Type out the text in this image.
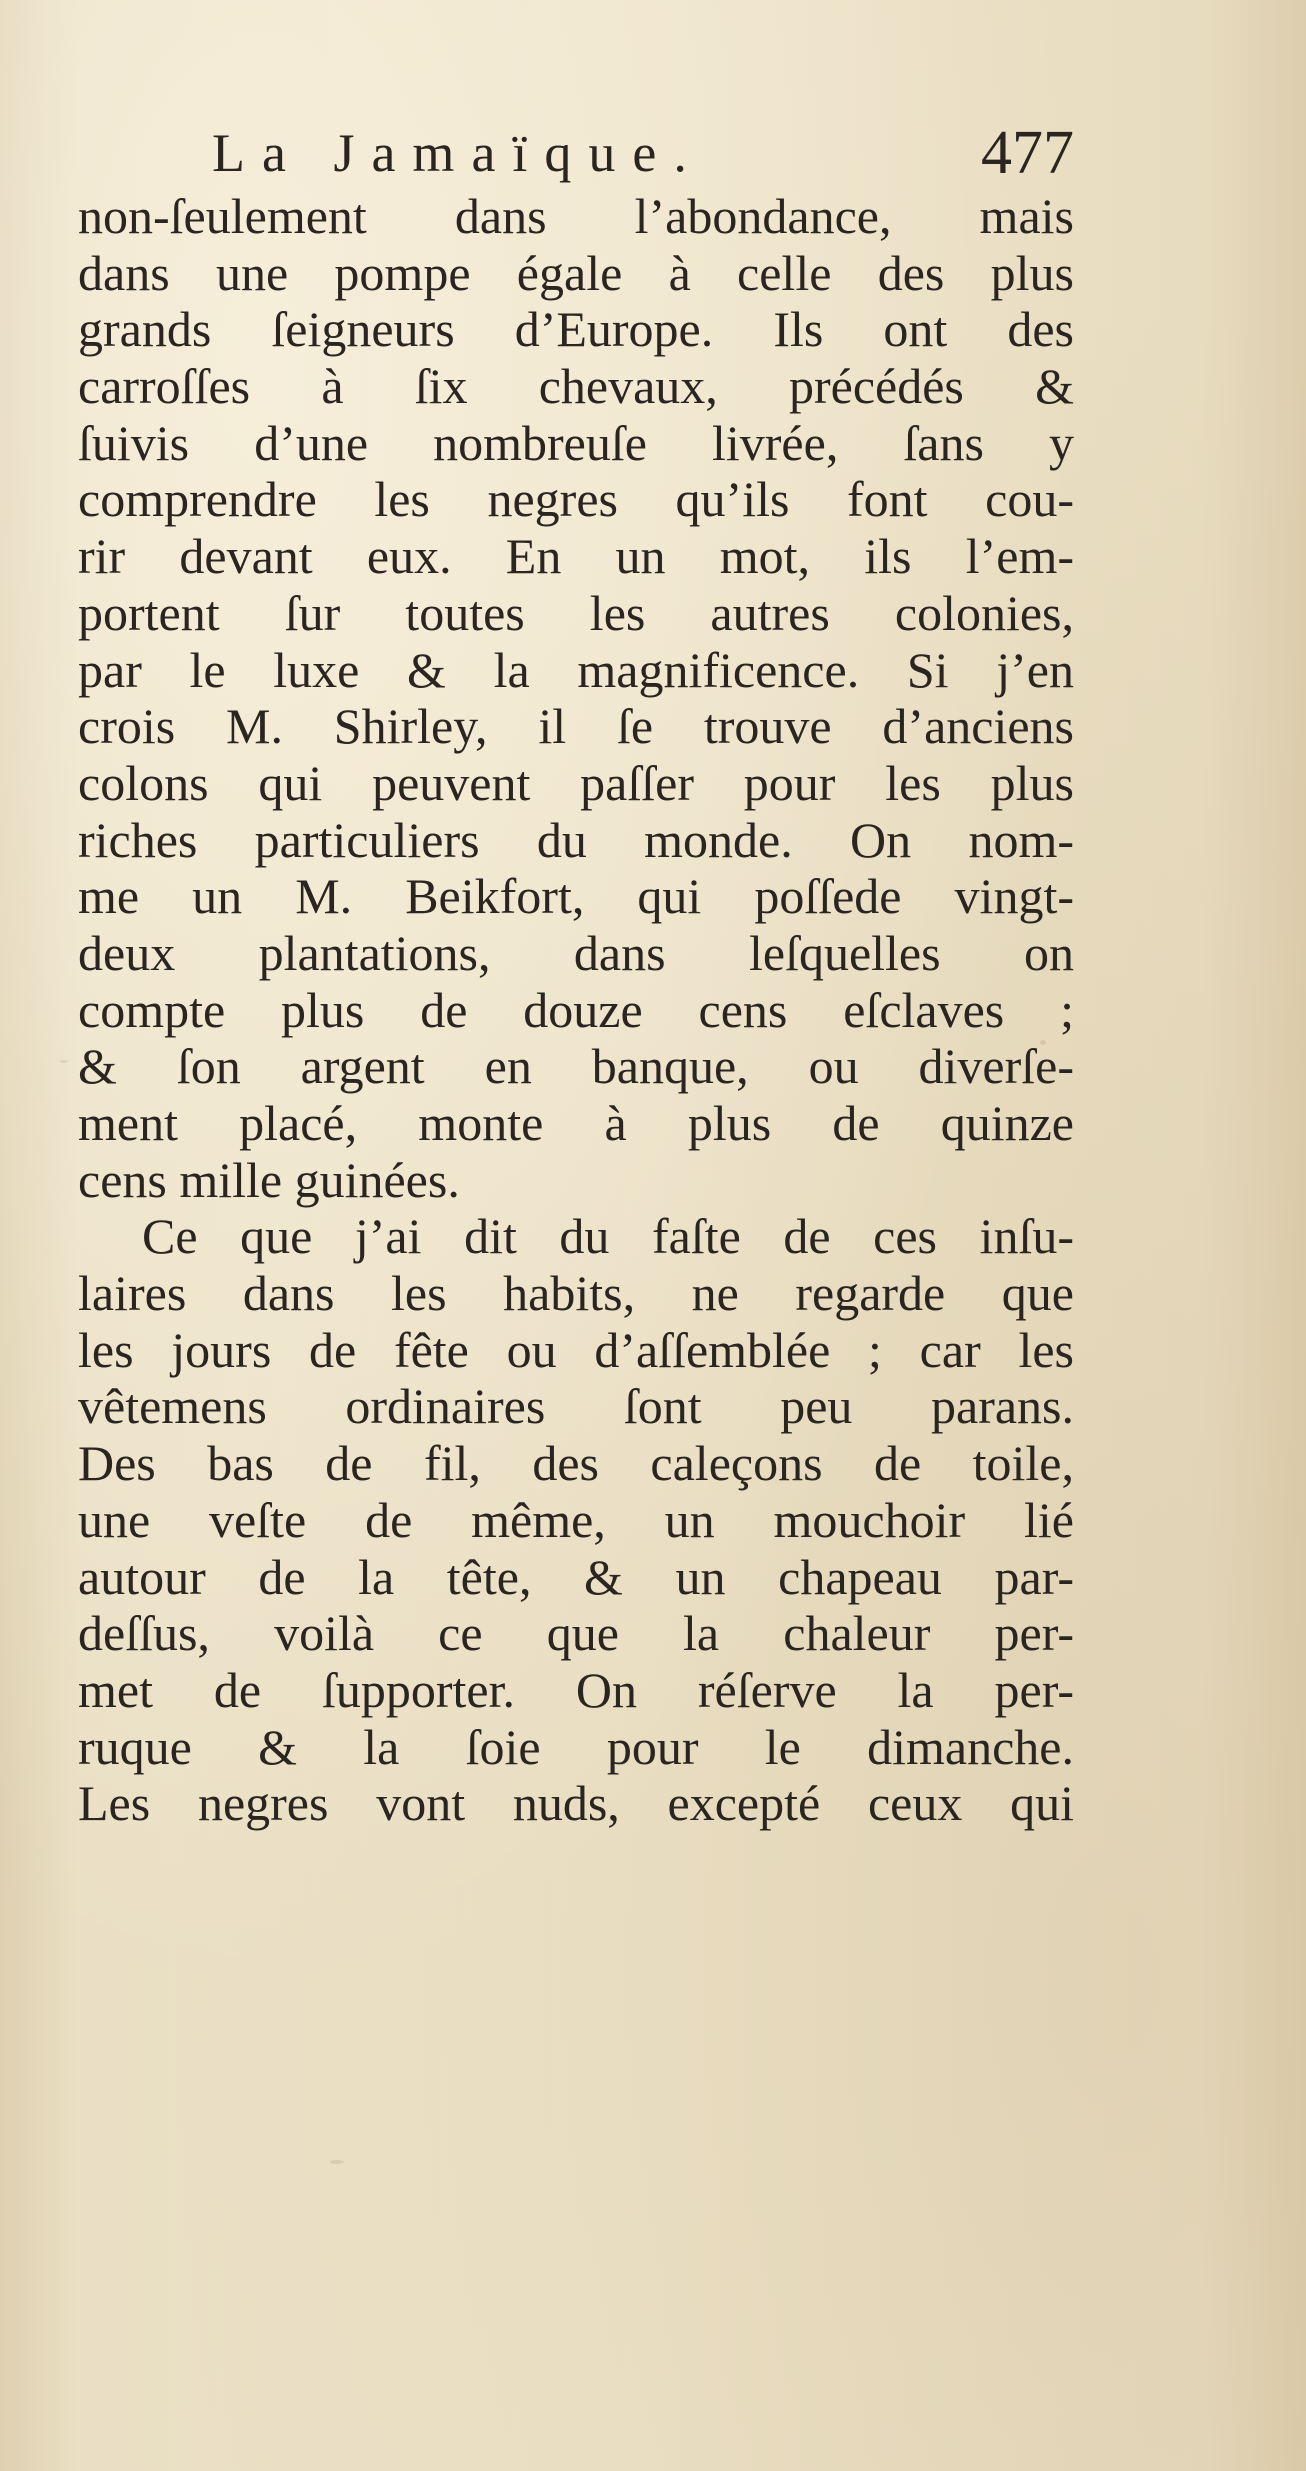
La Jamaïque.	477
non-ſeulement dans l’abondance, mais
dans une pompe égale à celle des plus
grands ſeigneurs d’Europe. Ils ont des
carroſſes à ſix chevaux, précédés &
ſuivis d’une nombreuſe livrée, ſans y
comprendre les negres qu’ils font cou-
rir devant eux. En un mot, ils l’em-
portent ſur toutes les autres colonies,
par le luxe & la magnificence. Si j’en
crois M. Shirley, il ſe trouve d’anciens
colons qui peuvent paſſer pour les plus
riches particuliers du monde. On nom-
me un M. Beikfort, qui poſſede vingt-
deux plantations, dans leſquelles on
compte plus de douze cens eſclaves ;
& ſon argent en banque, ou diverſe-
ment placé, monte à plus de quinze
cens mille guinées.
Ce que j’ai dit du faſte de ces inſu-
laires dans les habits, ne regarde que
les jours de fête ou d’aſſemblée ; car les
vêtemens ordinaires ſont peu parans.
Des bas de fil, des caleçons de toile,
une veſte de même, un mouchoir lié
autour de la tête, & un chapeau par-
deſſus, voilà ce que la chaleur per-
met de ſupporter. On réſerve la per-
ruque & la ſoie pour le dimanche.
Les negres vont nuds, excepté ceux qui
